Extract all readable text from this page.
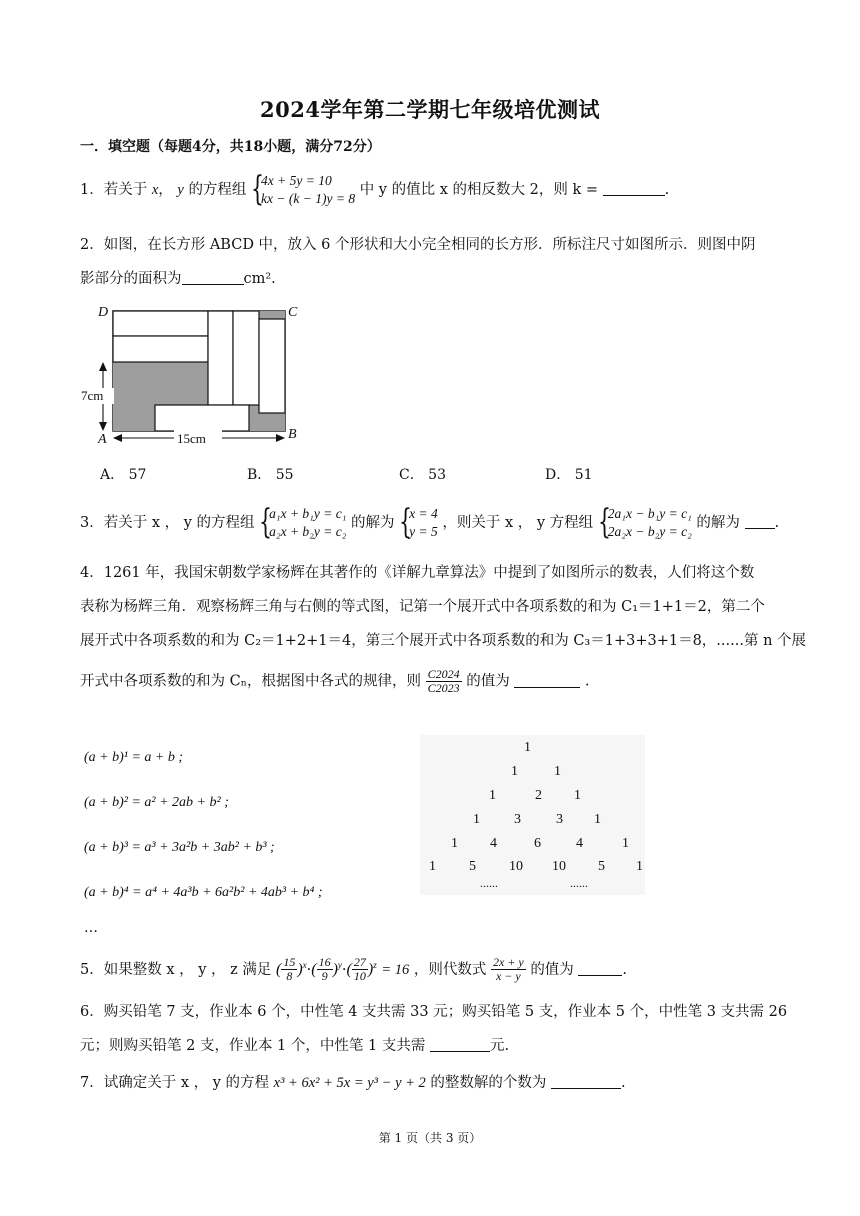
2024学年第二学期七年级培优测试
一．填空题（每题4分，共18小题，满分72分）
1．若关于 x， y 的方程组 {
4x + 5y = 10
kx − (k − 1)y = 8
中 y 的值比 x 的相反数大 2，则 k =	.
2．如图，在长方形 ABCD 中，放入 6 个形状和大小完全相同的长方形．所标注尺寸如图所示．则图中阴
影部分的面积为	cm².
D	C
A	B
7cm
15cm
A． 57	B． 55	C． 53	D． 51
3．若关于 x ， y 的方程组 {
a₁x + b₁y = c₁
a₂x + b₂y = c₂
的解为 {
x = 4
y = 5
，则关于 x ， y 方程组 {
2a₁x − b₁y = c₁
2a₂x − b₂y = c₂
的解为 .
4．1261 年，我国宋朝数学家杨辉在其著作的《详解九章算法》中提到了如图所示的数表，人们将这个数
表称为杨辉三角．观察杨辉三角与右侧的等式图，记第一个展开式中各项系数的和为 C₁＝1+1＝2，第二个
展开式中各项系数的和为 C₂＝1+2+1＝4，第三个展开式中各项系数的和为 C₃＝1+3+3+1＝8，......第 n 个展
开式中各项系数的和为 Cₙ，根据图中各式的规律，则 $\frac{C2024}{C2023}$ 的值为	.
(a + b)¹ = a + b ;
(a + b)² = a² + 2ab + b² ;
(a + b)³ = a³ + 3a²b + 3ab² + b³ ;
(a + b)⁴ = a⁴ + 4a³b + 6a²b² + 4ab³ + b⁴ ;
…
1
1	1
1	2 1
1 3	3 1
1 4	6	4	1
1 5 10 10 5 1
......	......
5．如果整数 x ， y ， z 满足 ( $\frac{15}{8} )^x\cdot( \frac{16}{9} )^y\cdot( \frac{27}{10} )^z = 16$ ，则代数式 $\frac{2x + y}{x - y}$ 的值为	.
6．购买铅笔 7 支，作业本 6 个，中性笔 4 支共需 33 元；购买铅笔 5 支，作业本 5 个，中性笔 3 支共需 26
元；则购买铅笔 2 支，作业本 1 个，中性笔 1 支共需	元.
7．试确定关于 x ， y 的方程 x³ + 6x² + 5x = y³ − y + 2 的整数解的个数为	.
第 1 页（共 3 页）
